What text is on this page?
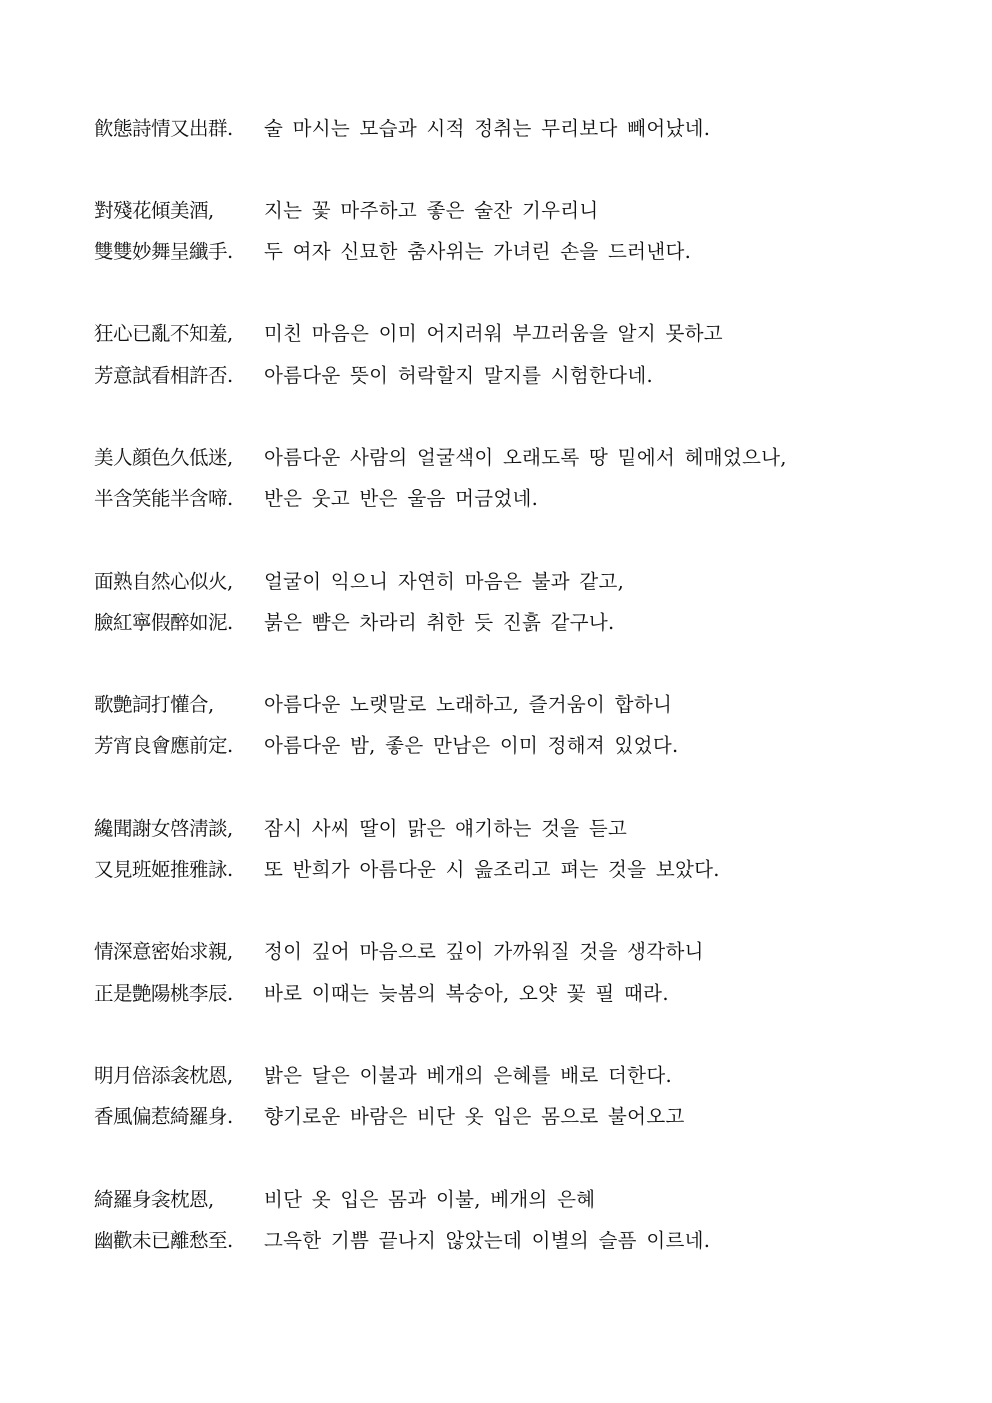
飮態詩情又出群.	술 마시는 모습과 시적 정취는 무리보다 빼어났네.
對殘花傾美酒,	지는 꽃 마주하고 좋은 술잔 기우리니
雙雙妙舞呈纖手.	두 여자 신묘한 춤사위는 가녀린 손을 드러낸다.
狂心已亂不知羞,	미친 마음은 이미 어지러워 부끄러움을 알지 못하고
芳意試看相許否.	아름다운 뜻이 허락할지 말지를 시험한다네.
美人顔色久低迷,	아름다운 사람의 얼굴색이 오래도록 땅 밑에서 헤매었으나,
半含笑能半含啼.	반은 웃고 반은 울음 머금었네.
面熟自然心似火,	얼굴이 익으니 자연히 마음은 불과 같고,
臉紅寧假醉如泥.	붉은 뺨은 차라리 취한 듯 진흙 같구나.
歌艶詞打懽合,	아름다운 노랫말로 노래하고, 즐거움이 합하니
芳宵良會應前定.	아름다운 밤, 좋은 만남은 이미 정해져 있었다.
纔聞謝女啓淸談,	잠시 사씨 딸이 맑은 얘기하는 것을 듣고
又見班姬推雅詠.	또 반희가 아름다운 시 읊조리고 펴는 것을 보았다.
情深意密始求親,	정이 깊어 마음으로 깊이 가까워질 것을 생각하니
正是艶陽桃李辰.	바로 이때는 늦봄의 복숭아, 오얏 꽃 필 때라.
明月倍添衾枕恩,	밝은 달은 이불과 베개의 은혜를 배로 더한다.
香風偏惹綺羅身.	향기로운 바람은 비단 옷 입은 몸으로 불어오고
綺羅身衾枕恩,	비단 옷 입은 몸과 이불, 베개의 은혜
幽歡未已離愁至.	그윽한 기쁨 끝나지 않았는데 이별의 슬픔 이르네.
